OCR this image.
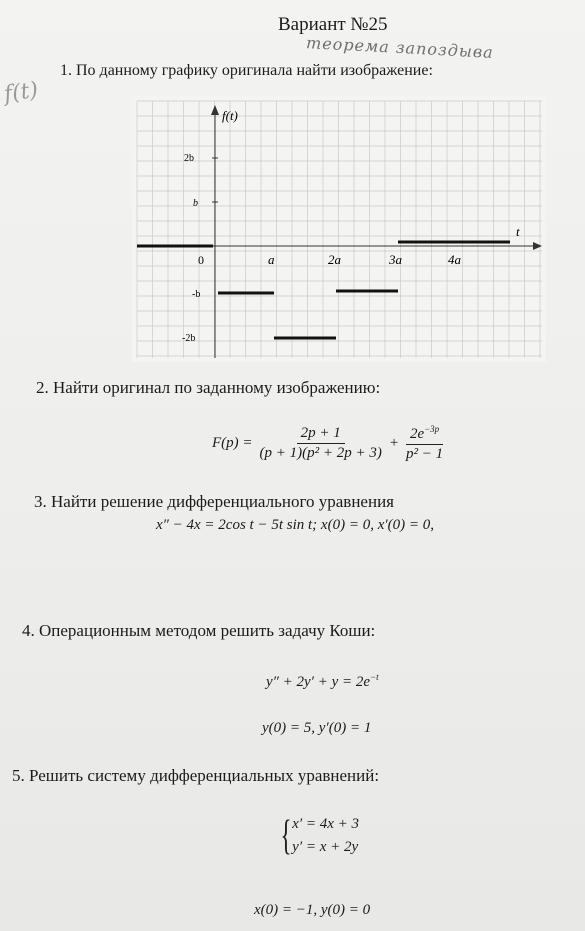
Вариант №25
теорема запоздыва
f(t)
1. По данному графику оригинала найти изображение:
f(t)
t
0
2b
b
-b
-2b
a	2a	3a	4a
2. Найти оригинал по заданному изображению:
$F(p) = \frac{2p + 1}{\text{(p + 1)(p² + 2p + 3)}} + \frac{2e^{-3p}}{\text{p² − 1}}$
3. Найти решение дифференциального уравнения
x″ − 4x = 2cos t − 5t sin t; x(0) = 0, x′(0) = 0,
4. Операционным методом решить задачу Коши:
$y'' + 2y' + y = 2e^{-t}$
y(0) = 5, y′(0) = 1
5. Решить систему дифференциальных уравнений:
{ x′ = 4x + 3
y′ = x + 2y
x(0) = −1, y(0) = 0
